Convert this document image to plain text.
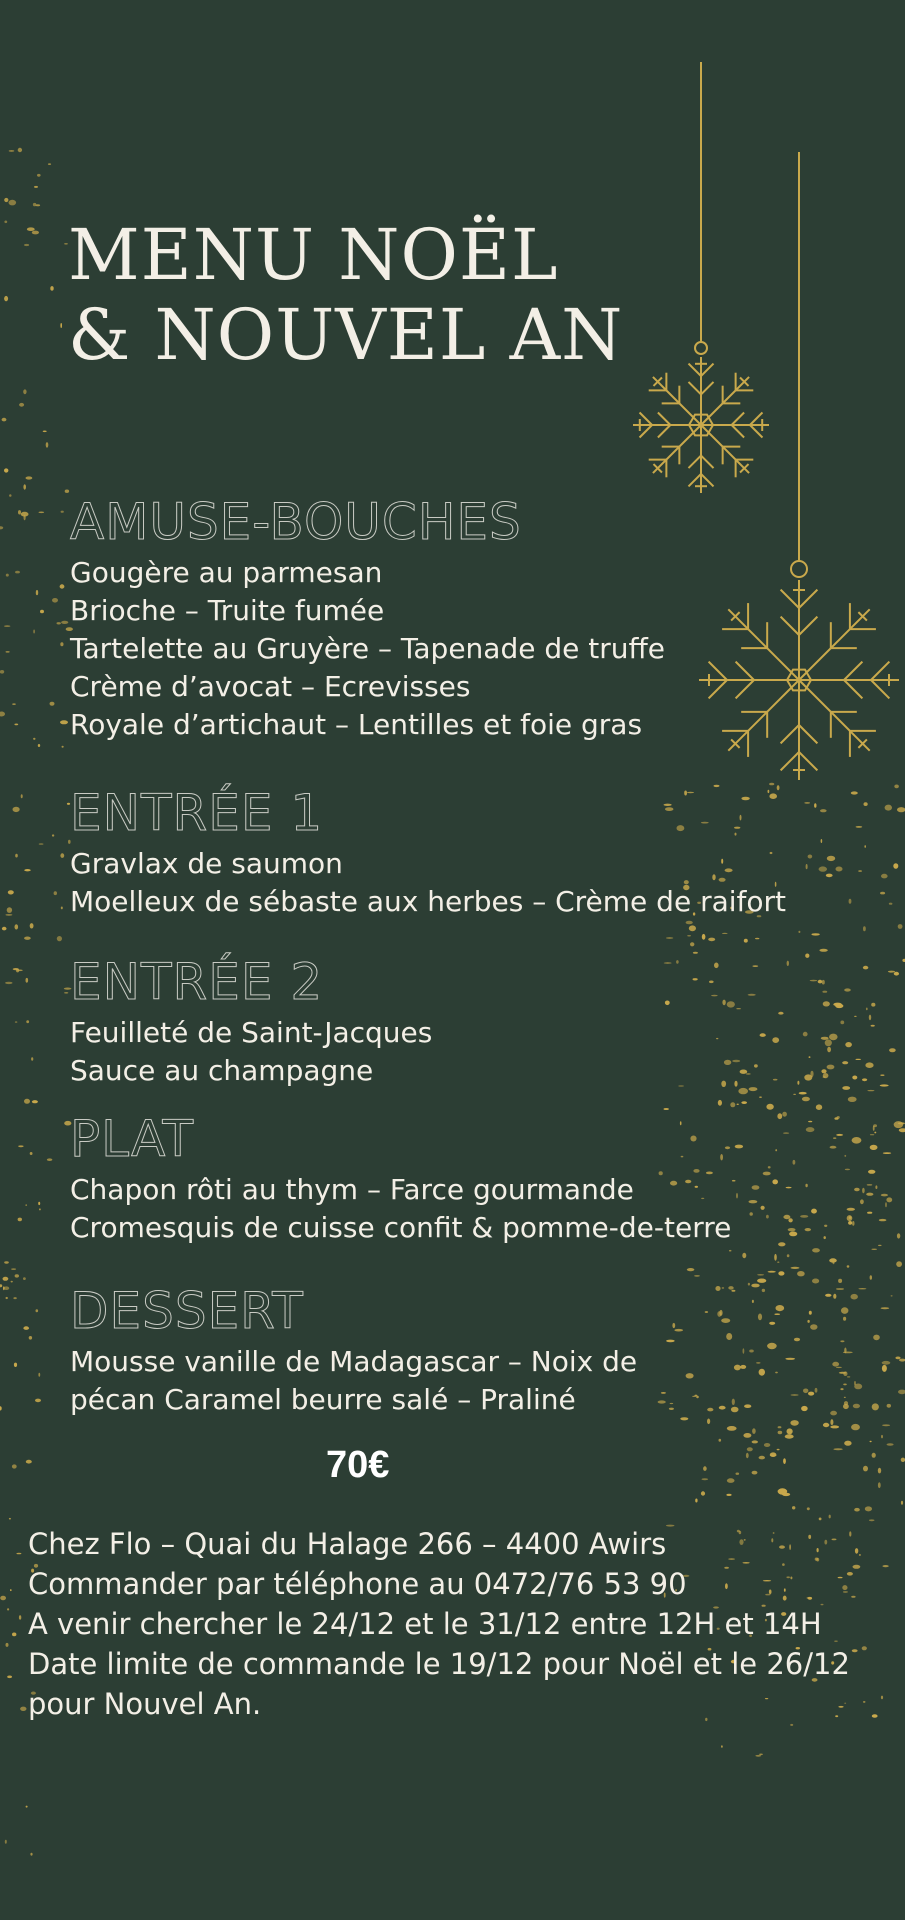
MENU NOËL & NOUVEL AN
AMUSE-BOUCHES
Gougère au parmesan
Brioche – Truite fumée
Tartelette au Gruyère – Tapenade de truffe
Crème d’avocat – Ecrevisses
Royale d’artichaut – Lentilles et foie gras
ENTRÉE 1
Gravlax de saumon
Moelleux de sébaste aux herbes – Crème de raifort
ENTRÉE 2
Feuilleté de Saint-Jacques
Sauce au champagne
PLAT
Chapon rôti au thym – Farce gourmande
Cromesquis de cuisse confit & pomme-de-terre
DESSERT
Mousse vanille de Madagascar – Noix de
pécan Caramel beurre salé – Praliné
70€

Chez Flo – Quai du Halage 266 – 4400 Awirs

Commander par téléphone au 0472/76 53 90

A venir chercher le 24/12 et le 31/12 entre 12H et 14H

Date limite de commande le 19/12 pour Noël et le 26/12

pour Nouvel An.
